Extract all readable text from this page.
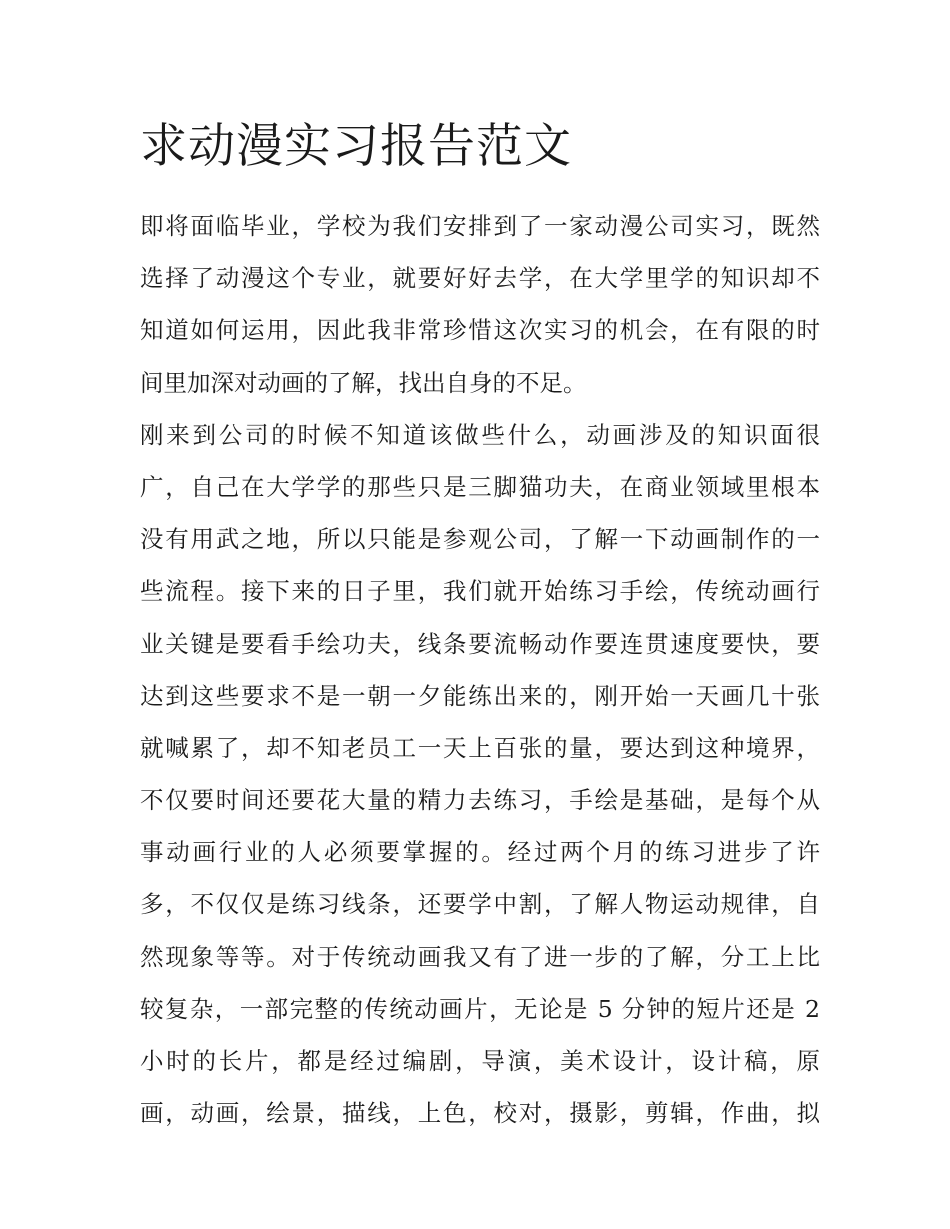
求动漫实习报告范文
即将面临毕业，学校为我们安排到了一家动漫公司实习，既然
选择了动漫这个专业，就要好好去学，在大学里学的知识却不
知道如何运用，因此我非常珍惜这次实习的机会，在有限的时
间里加深对动画的了解，找出自身的不足。
刚来到公司的时候不知道该做些什么，动画涉及的知识面很
广，自己在大学学的那些只是三脚猫功夫，在商业领域里根本
没有用武之地，所以只能是参观公司，了解一下动画制作的一
些流程。接下来的日子里，我们就开始练习手绘，传统动画行
业关键是要看手绘功夫，线条要流畅动作要连贯速度要快，要
达到这些要求不是一朝一夕能练出来的，刚开始一天画几十张
就喊累了，却不知老员工一天上百张的量，要达到这种境界，
不仅要时间还要花大量的精力去练习，手绘是基础，是每个从
事动画行业的人必须要掌握的。经过两个月的练习进步了许
多，不仅仅是练习线条，还要学中割，了解人物运动规律，自
然现象等等。对于传统动画我又有了进一步的了解，分工上比
较复杂，一部完整的传统动画片，无论是 5 分钟的短片还是 2
小时的长片，都是经过编剧，导演，美术设计，设计稿，原
画，动画，绘景，描线，上色，校对，摄影，剪辑，作曲，拟
